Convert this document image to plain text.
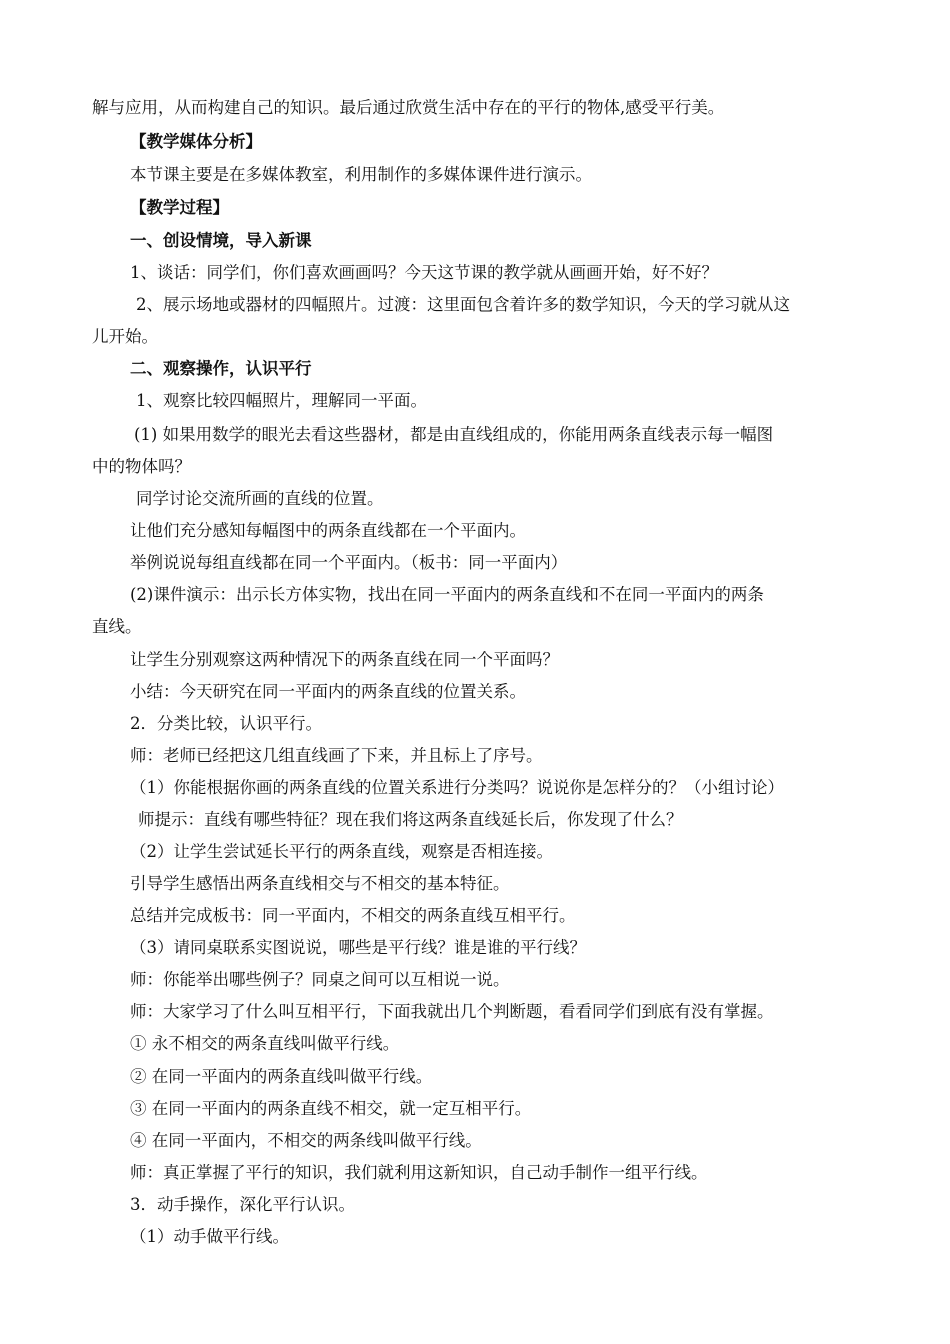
解与应用，从而构建自己的知识。最后通过欣赏生活中存在的平行的物体,感受平行美。
【教学媒体分析】
本节课主要是在多媒体教室，利用制作的多媒体课件进行演示。
【教学过程】
一、创设情境，导入新课
1、谈话：同学们，你们喜欢画画吗？今天这节课的教学就从画画开始，好不好？
2、展示场地或器材的四幅照片。过渡：这里面包含着许多的数学知识，今天的学习就从这
儿开始。
二、观察操作，认识平行
1、观察比较四幅照片，理解同一平面。
(1) 如果用数学的眼光去看这些器材，都是由直线组成的，你能用两条直线表示每一幅图
中的物体吗？
同学讨论交流所画的直线的位置。
让他们充分感知每幅图中的两条直线都在一个平面内。
举例说说每组直线都在同一个平面内。（板书：同一平面内）
(2)课件演示：出示长方体实物，找出在同一平面内的两条直线和不在同一平面内的两条
直线。
让学生分别观察这两种情况下的两条直线在同一个平面吗？
小结：今天研究在同一平面内的两条直线的位置关系。
2．分类比较，认识平行。
师：老师已经把这几组直线画了下来，并且标上了序号。
（1）你能根据你画的两条直线的位置关系进行分类吗？说说你是怎样分的？（小组讨论）
师提示：直线有哪些特征？现在我们将这两条直线延长后，你发现了什么？
（2）让学生尝试延长平行的两条直线，观察是否相连接。
引导学生感悟出两条直线相交与不相交的基本特征。
总结并完成板书：同一平面内，不相交的两条直线互相平行。
（3）请同桌联系实图说说，哪些是平行线？谁是谁的平行线？
师：你能举出哪些例子？同桌之间可以互相说一说。
师：大家学习了什么叫互相平行，下面我就出几个判断题，看看同学们到底有没有掌握。
① 永不相交的两条直线叫做平行线。
② 在同一平面内的两条直线叫做平行线。
③ 在同一平面内的两条直线不相交，就一定互相平行。
④ 在同一平面内，不相交的两条线叫做平行线。
师：真正掌握了平行的知识，我们就利用这新知识，自己动手制作一组平行线。
3．动手操作，深化平行认识。
（1）动手做平行线。
